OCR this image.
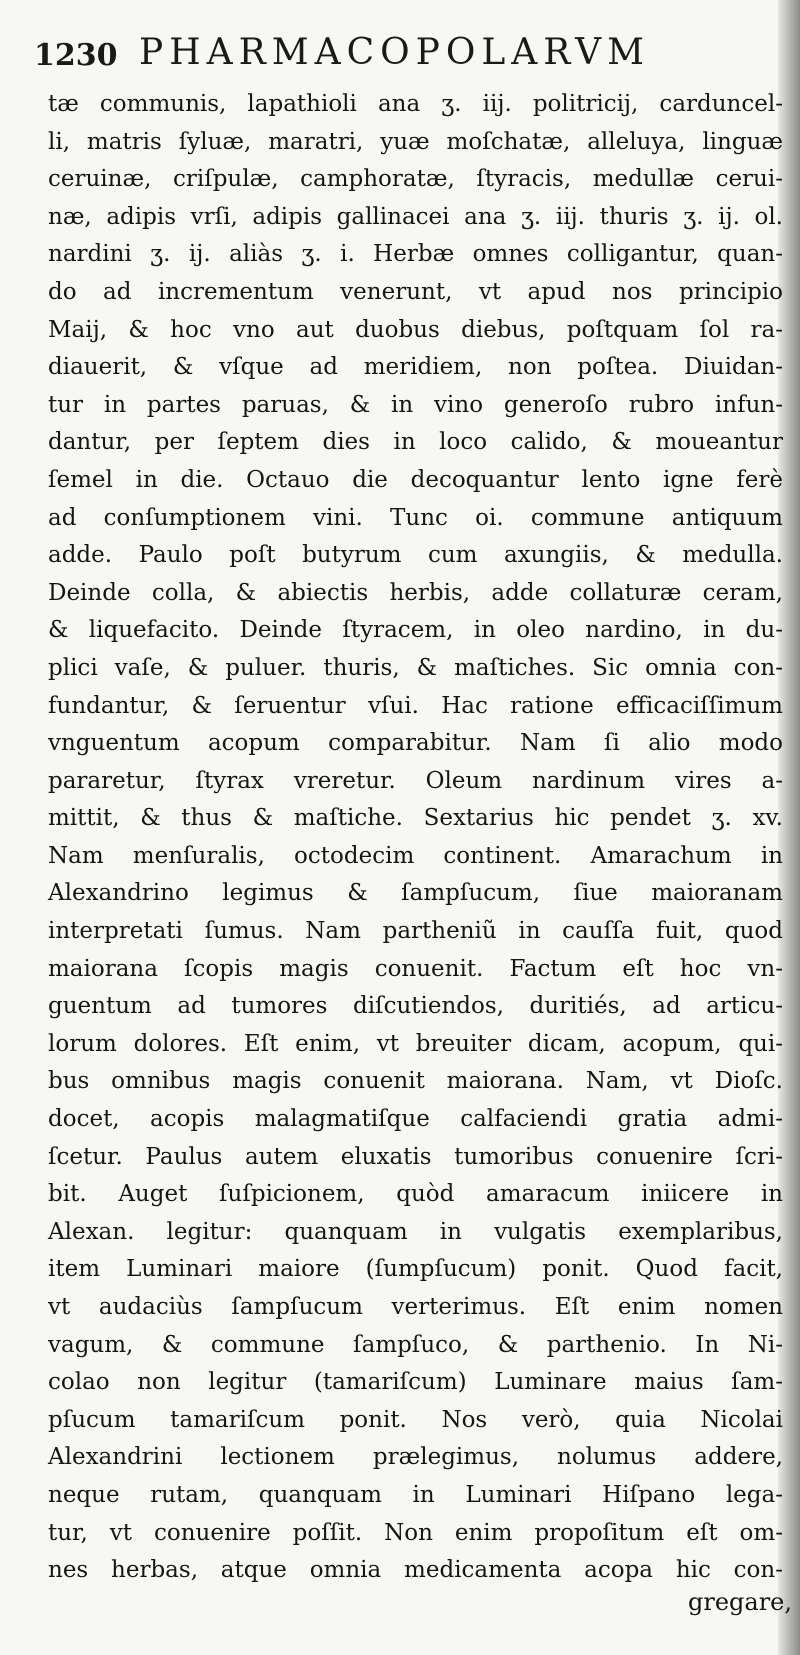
1230 PHARMACOPOLARVM
tæ communis, lapathioli ana ʒ. iij. politricij, carduncel-
li, matris ſyluæ, maratri, yuæ moſchatæ, alleluya, linguæ
ceruinæ, criſpulæ, camphoratæ, ſtyracis, medullæ cerui-
næ, adipis vrſi, adipis gallinacei ana ʒ. iij. thuris ʒ. ij. ol.
nardini ʒ. ij. aliàs ʒ. i. Herbæ omnes colligantur, quan-
do ad incrementum venerunt, vt apud nos principio
Maij, & hoc vno aut duobus diebus, poſtquam ſol ra-
diauerit, & vſque ad meridiem, non poſtea. Diuidan-
tur in partes paruas, & in vino generoſo rubro infun-
dantur, per ſeptem dies in loco calido, & moueantur
ſemel in die. Octauo die decoquantur lento igne ferè
ad conſumptionem vini. Tunc oi. commune antiquum
adde. Paulo poſt butyrum cum axungiis, & medulla.
Deinde colla, & abiectis herbis, adde collaturæ ceram,
& liquefacito. Deinde ſtyracem, in oleo nardino, in du-
plici vaſe, & puluer. thuris, & maſtiches. Sic omnia con-
fundantur, & ſeruentur vſui. Hac ratione efficaciſſimum
vnguentum acopum comparabitur. Nam ſi alio modo
pararetur, ſtyrax vreretur. Oleum nardinum vires a-
mittit, & thus & maſtiche. Sextarius hic pendet ʒ. xv.
Nam menſuralis, octodecim continent. Amarachum in
Alexandrino legimus & ſampſucum, ſiue maioranam
interpretati ſumus. Nam partheniũ in cauſſa fuit, quod
maiorana ſcopis magis conuenit. Factum eſt hoc vn-
guentum ad tumores diſcutiendos, duritiés, ad articu-
lorum dolores. Eſt enim, vt breuiter dicam, acopum, qui-
bus omnibus magis conuenit maiorana. Nam, vt Dioſc.
docet, acopis malagmatiſque calfaciendi gratia admi-
ſcetur. Paulus autem eluxatis tumoribus conuenire ſcri-
bit. Auget ſuſpicionem, quòd amaracum iniicere in
Alexan. legitur: quanquam in vulgatis exemplaribus,
item Luminari maiore (ſumpſucum) ponit. Quod facit,
vt audaciùs ſampſucum verterimus. Eſt enim nomen
vagum, & commune ſampſuco, & parthenio. In Ni-
colao non legitur (tamariſcum) Luminare maius ſam-
pſucum tamariſcum ponit. Nos verò, quia Nicolai
Alexandrini lectionem prælegimus, nolumus addere,
neque rutam, quanquam in Luminari Hiſpano lega-
tur, vt conuenire poſſit. Non enim propoſitum eſt om-
nes herbas, atque omnia medicamenta acopa hic con-
gregare,
